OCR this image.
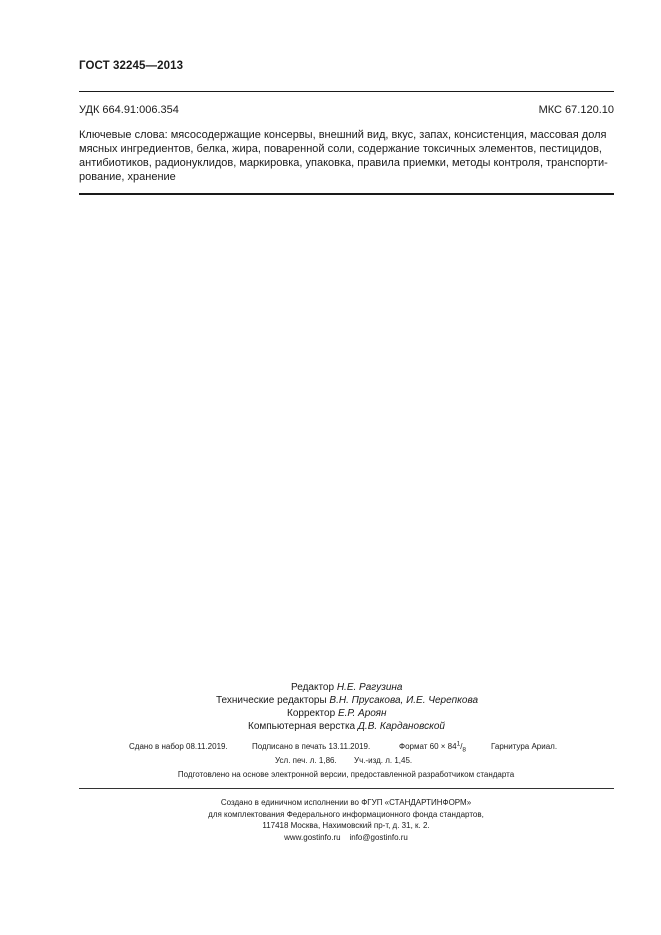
ГОСТ 32245—2013
УДК 664.91:006.354	МКС 67.120.10

Ключевые слова: мясосодержащие консервы, внешний вид, вкус, запах, консистенция, массовая доля

мясных ингредиентов, белка, жира, поваренной соли, содержание токсичных элементов, пестицидов,

антибиотиков, радионуклидов, маркировка, упаковка, правила приемки, методы контроля, транспорти-

рование, хранение

Редактор Н.Е. Рагузина
Технические редакторы В.Н. Прусакова, И.Е. Черепкова
Корректор Е.Р. Ароян
Компьютерная верстка Д.В. Кардановской
Сдано в набор 08.11.2019.	Подписано в печать 13.11.2019.	Формат $60 \times 84^1/_8$	Гарнитура Ариал.
Усл. печ. л. 1,86. Уч.-изд. л. 1,45.
Подготовлено на основе электронной версии, предоставленной разработчиком стандарта
Создано в единичном исполнении во ФГУП «СТАНДАРТИНФОРМ»
для комплектования Федерального информационного фонда стандартов,
117418 Москва, Нахимовский пр-т, д. 31, к. 2.
www.gostinfo.ru info@gostinfo.ru
